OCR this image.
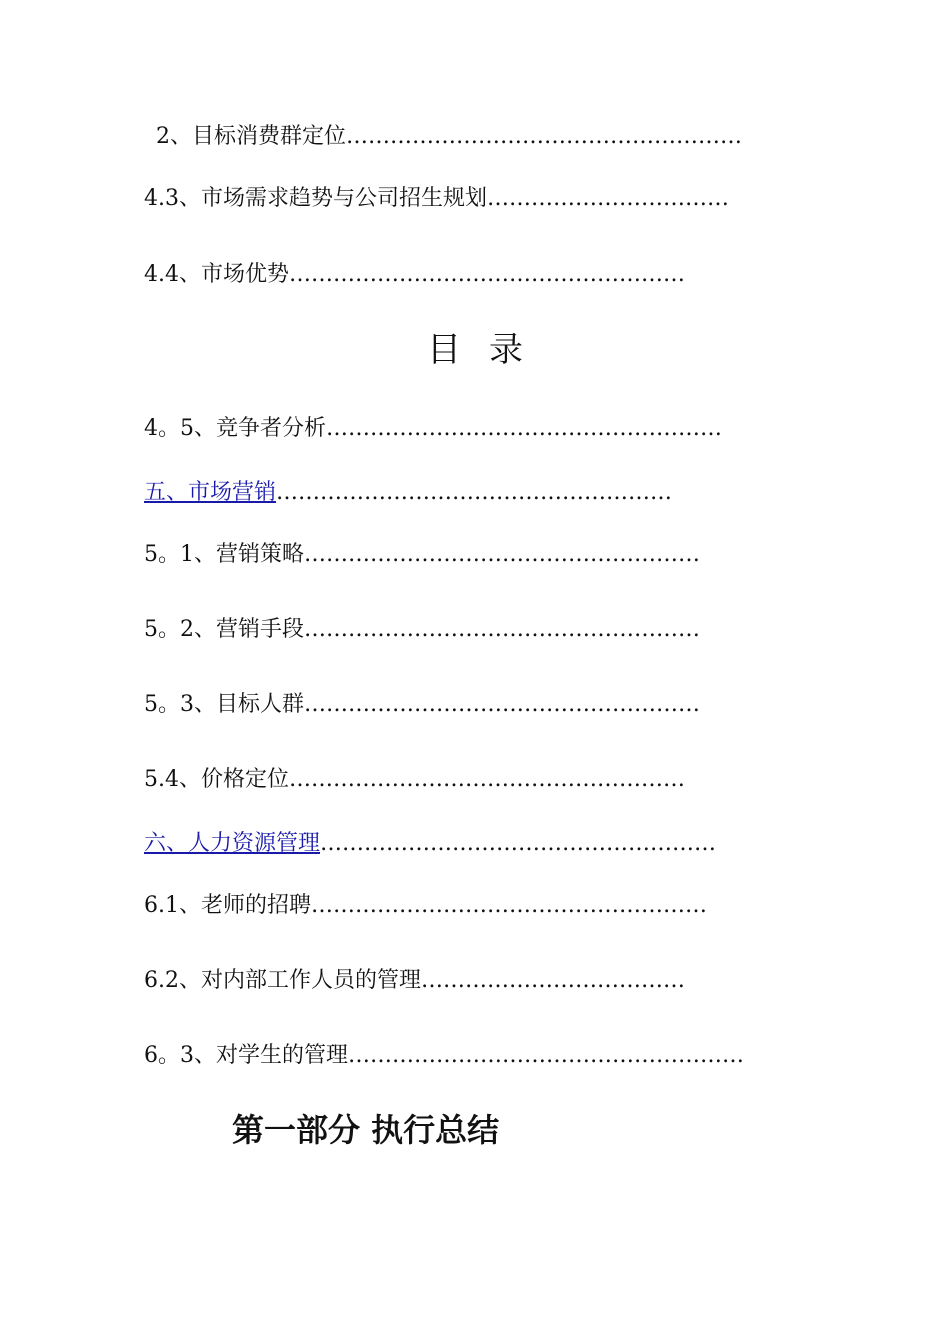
2、目标消费群定位………………………………………………
4.3、市场需求趋势与公司招生规划……………………………
4.4、市场优势………………………………………………
目录
4。5、竞争者分析………………………………………………
五、市场营销………………………………………………
5。1、营销策略………………………………………………
5。2、营销手段………………………………………………
5。3、目标人群………………………………………………
5.4、价格定位………………………………………………
六、人力资源管理………………………………………………
6.1、老师的招聘………………………………………………
6.2、对内部工作人员的管理………………………………
6。3、对学生的管理………………………………………………
第一部分 执行总结
